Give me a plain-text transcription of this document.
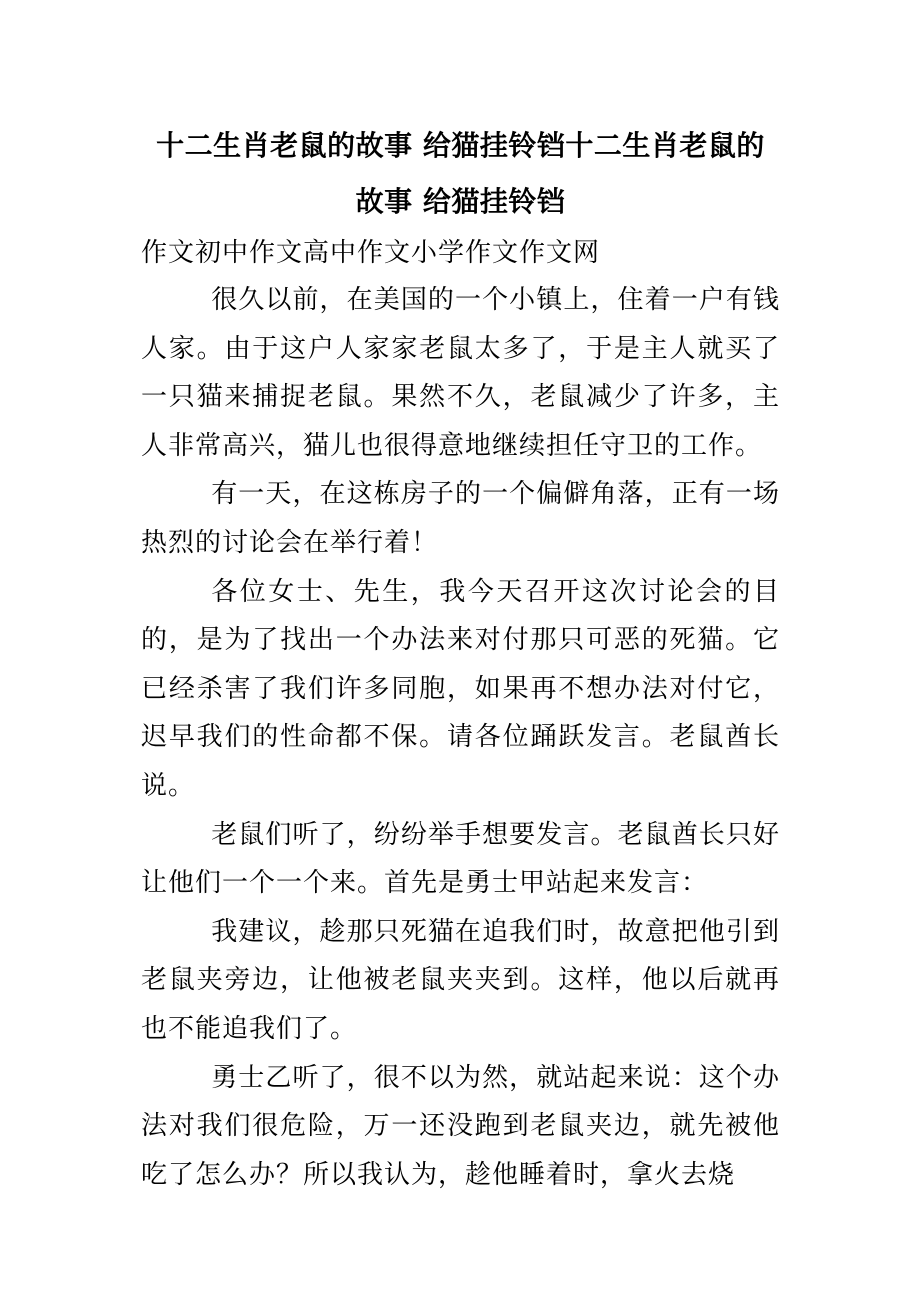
十二生肖老鼠的故事 给猫挂铃铛十二生肖老鼠的
故事 给猫挂铃铛

作文初中作文高中作文小学作文作文网

很久以前，在美国的一个小镇上，住着一户有钱人家。由于这户人家家老鼠太多了，于是主人就买了一只猫来捕捉老鼠。果然不久，老鼠减少了许多，主人非常高兴，猫儿也很得意地继续担任守卫的工作。

有一天，在这栋房子的一个偏僻角落，正有一场热烈的讨论会在举行着！

各位女士、先生，我今天召开这次讨论会的目的，是为了找出一个办法来对付那只可恶的死猫。它已经杀害了我们许多同胞，如果再不想办法对付它，迟早我们的性命都不保。请各位踊跃发言。老鼠酋长说。

老鼠们听了，纷纷举手想要发言。老鼠酋长只好让他们一个一个来。首先是勇士甲站起来发言：

我建议，趁那只死猫在追我们时，故意把他引到老鼠夹旁边，让他被老鼠夹夹到。这样，他以后就再也不能追我们了。

勇士乙听了，很不以为然，就站起来说：这个办法对我们很危险，万一还没跑到老鼠夹边，就先被他吃了怎么办？所以我认为，趁他睡着时，拿火去烧
